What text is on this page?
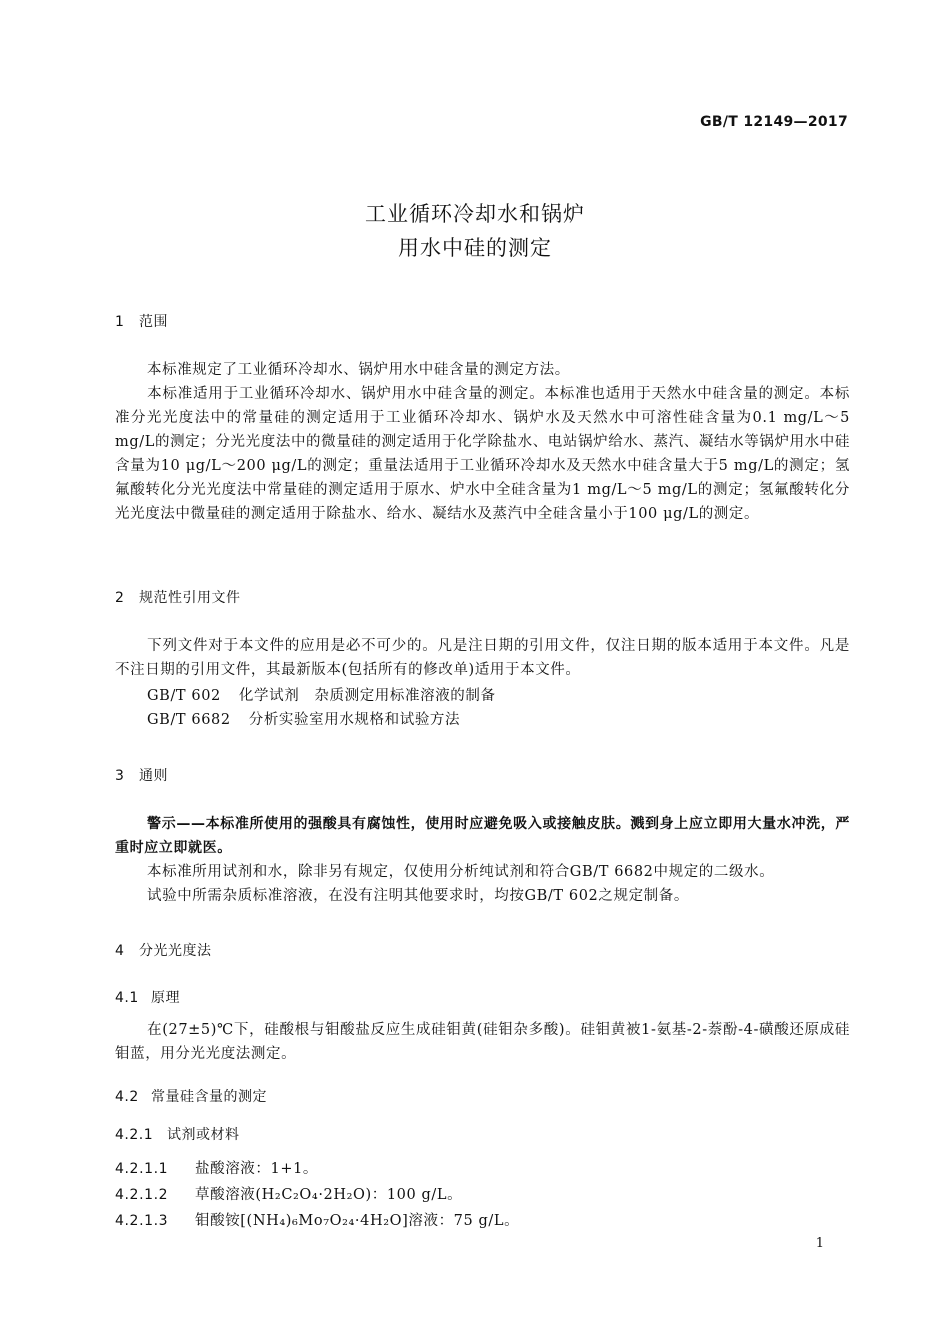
GB/T 12149—2017
工业循环冷却水和锅炉
用水中硅的测定
1 范围
本标准规定了工业循环冷却水、锅炉用水中硅含量的测定方法。
本标准适用于工业循环冷却水、锅炉用水中硅含量的测定。本标准也适用于天然水中硅含量的测定。本标准分光光度法中的常量硅的测定适用于工业循环冷却水、锅炉水及天然水中可溶性硅含量为0.1 mg/L～5 mg/L的测定；分光光度法中的微量硅的测定适用于化学除盐水、电站锅炉给水、蒸汽、凝结水等锅炉用水中硅含量为10 μg/L～200 μg/L的测定；重量法适用于工业循环冷却水及天然水中硅含量大于5 mg/L的测定；氢氟酸转化分光光度法中常量硅的测定适用于原水、炉水中全硅含量为1 mg/L～5 mg/L的测定；氢氟酸转化分光光度法中微量硅的测定适用于除盐水、给水、凝结水及蒸汽中全硅含量小于100 μg/L的测定。
2 规范性引用文件
下列文件对于本文件的应用是必不可少的。凡是注日期的引用文件，仅注日期的版本适用于本文件。凡是不注日期的引用文件，其最新版本(包括所有的修改单)适用于本文件。
GB/T 602 化学试剂　杂质测定用标准溶液的制备
GB/T 6682 分析实验室用水规格和试验方法
3 通则
警示——本标准所使用的强酸具有腐蚀性，使用时应避免吸入或接触皮肤。溅到身上应立即用大量水冲洗，严重时应立即就医。
本标准所用试剂和水，除非另有规定，仅使用分析纯试剂和符合GB/T 6682中规定的二级水。
试验中所需杂质标准溶液，在没有注明其他要求时，均按GB/T 602之规定制备。
4 分光光度法
4.1 原理
在(27±5)℃下，硅酸根与钼酸盐反应生成硅钼黄(硅钼杂多酸)。硅钼黄被1-氨基-2-萘酚-4-磺酸还原成硅钼蓝，用分光光度法测定。
4.2 常量硅含量的测定
4.2.1 试剂或材料
4.2.1.1 盐酸溶液：1+1。
4.2.1.2 草酸溶液(H₂C₂O₄·2H₂O)：100 g/L。
4.2.1.3 钼酸铵[(NH₄)₆Mo₇O₂₄·4H₂O]溶液：75 g/L。
1
